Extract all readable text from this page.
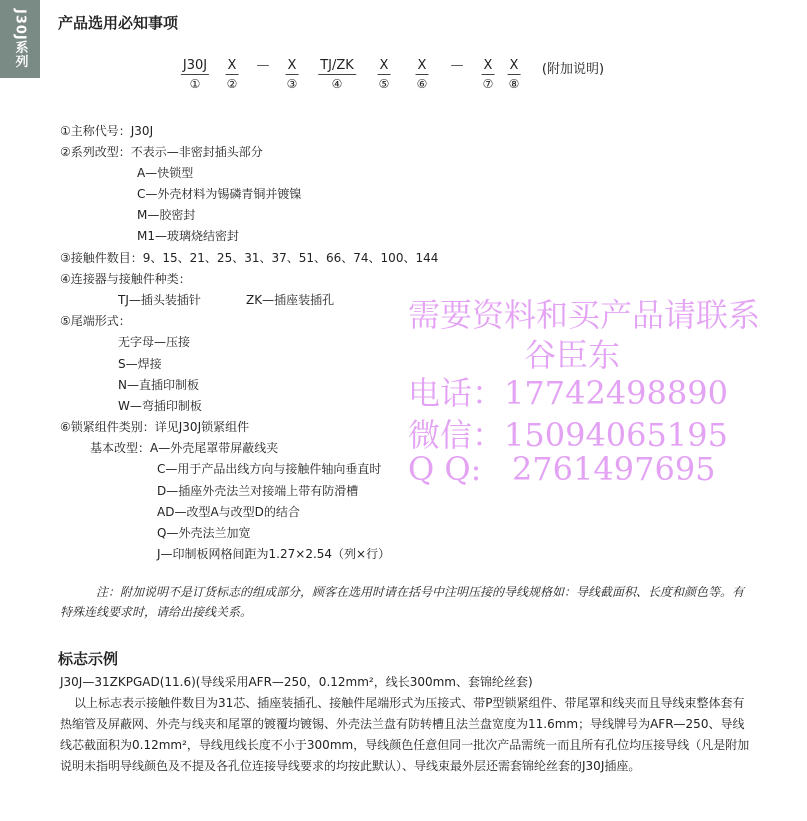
J30J系列	产品选用必知事项
J30J
①
X
②
— X
③
TJ/ZK
④
X
⑤
X
⑥
— X
⑦
X
⑧
(附加说明)
①主称代号：J30J
②系列改型：不表示—非密封插头部分
A—快锁型
C—外壳材料为锡磷青铜并镀镍
M—胶密封
M1—玻璃烧结密封
③接触件数目：9、15、21、25、31、37、51、66、74、100、144
④连接器与接触件种类：
TJ—插头装插针	ZK—插座装插孔
⑤尾端形式：
无字母—压接
S—焊接
N—直插印制板
W—弯插印制板
⑥锁紧组件类别：详见J30J锁紧组件
基本改型：A—外壳尾罩带屏蔽线夹
C—用于产品出线方向与接触件轴向垂直时
D—插座外壳法兰对接端上带有防滑槽
AD—改型A与改型D的结合
Q—外壳法兰加宽
J—印制板网格间距为1.27×2.54（列×行）
注：附加说明不是订货标志的组成部分，顾客在选用时请在括号中注明压接的导线规格如：导线截面积、长度和颜色等。有特殊连线要求时，请给出接线关系。
标志示例
J30J—31ZKPGAD(11.6)(导线采用AFR—250，0.12mm²，线长300mm、套锦纶丝套)
以上标志表示接触件数目为31芯、插座装插孔、接触件尾端形式为压接式、带P型锁紧组件、带尾罩和线夹而且导线束整体套有热缩管及屏蔽网、外壳与线夹和尾罩的镀覆均镀锡、外壳法兰盘有防转槽且法兰盘宽度为11.6mm；导线牌号为AFR—250、导线线芯截面积为0.12mm²，导线甩线长度不小于300mm，导线颜色任意但同一批次产品需统一而且所有孔位均压接导线（凡是附加说明未指明导线颜色及不提及各孔位连接导线要求的均按此默认）、导线束最外层还需套锦纶丝套的J30J插座。
需要资料和买产品请联系
谷臣东
电话：17742498890
微信：15094065195
Q Q:   2761497695
